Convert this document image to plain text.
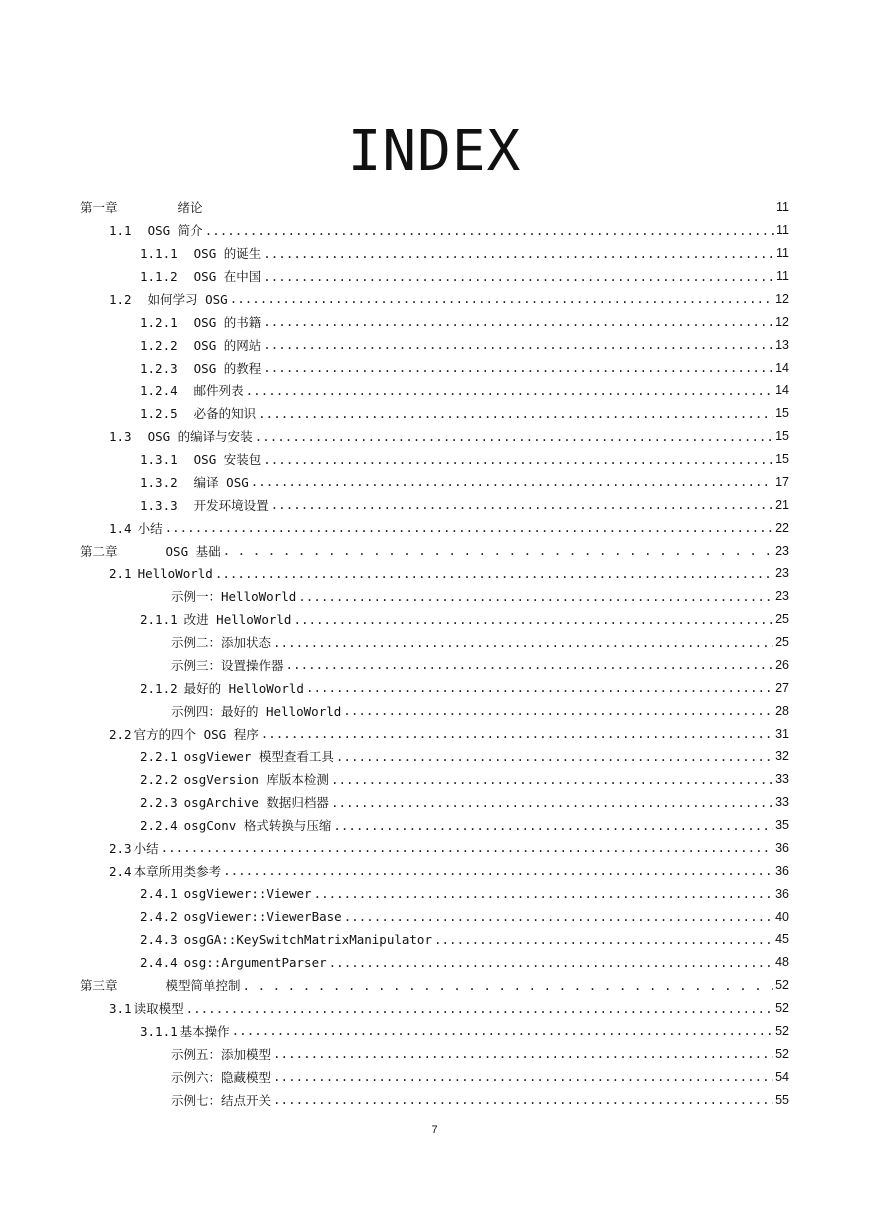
INDEX
第一章	绪论	11
1.1 OSG 简介 .....	11
1.1.1 OSG 的诞生 .....	11
1.1.2 OSG 在中国 .....	11
1.2 如何学习 OSG .....	12
1.2.1 OSG 的书籍 .....	12
1.2.2 OSG 的网站 .....	13
1.2.3 OSG 的教程 .....	14
1.2.4 邮件列表 .....	14
1.2.5 必备的知识 .....	15
1.3 OSG 的编译与安装 .....	15
1.3.1 OSG 安装包 .....	15
1.3.2 编译 OSG .....	17
1.3.3 开发环境设置 .....	21
1.4 小结 .....	22
第二章	OSG 基础 . . .	23
2.1 HelloWorld .....	23
示例一：HelloWorld .....	23
2.1.1 改进 HelloWorld .....	25
示例二：添加状态 .....	25
示例三：设置操作器 .....	26
2.1.2 最好的 HelloWorld .....	27
示例四：最好的 HelloWorld .....	28
2.2 官方的四个 OSG 程序 .....	31
2.2.1 osgViewer 模型查看工具 .....	32
2.2.2 osgVersion 库版本检测 .....	33
2.2.3 osgArchive 数据归档器 .....	33
2.2.4 osgConv 格式转换与压缩 .....	35
2.3 小结 .....	36
2.4 本章所用类参考 .....	36
2.4.1 osgViewer::Viewer .....	36
2.4.2 osgViewer::ViewerBase .....	40
2.4.3 osgGA::KeySwitchMatrixManipulator .....	45
2.4.4 osg::ArgumentParser .....	48
第三章	模型简单控制 . . .	52
3.1 读取模型 .....	52
3.1.1 基本操作 .....	52
示例五：添加模型 .....	52
示例六：隐藏模型 .....	54
示例七：结点开关 .....	55
7
